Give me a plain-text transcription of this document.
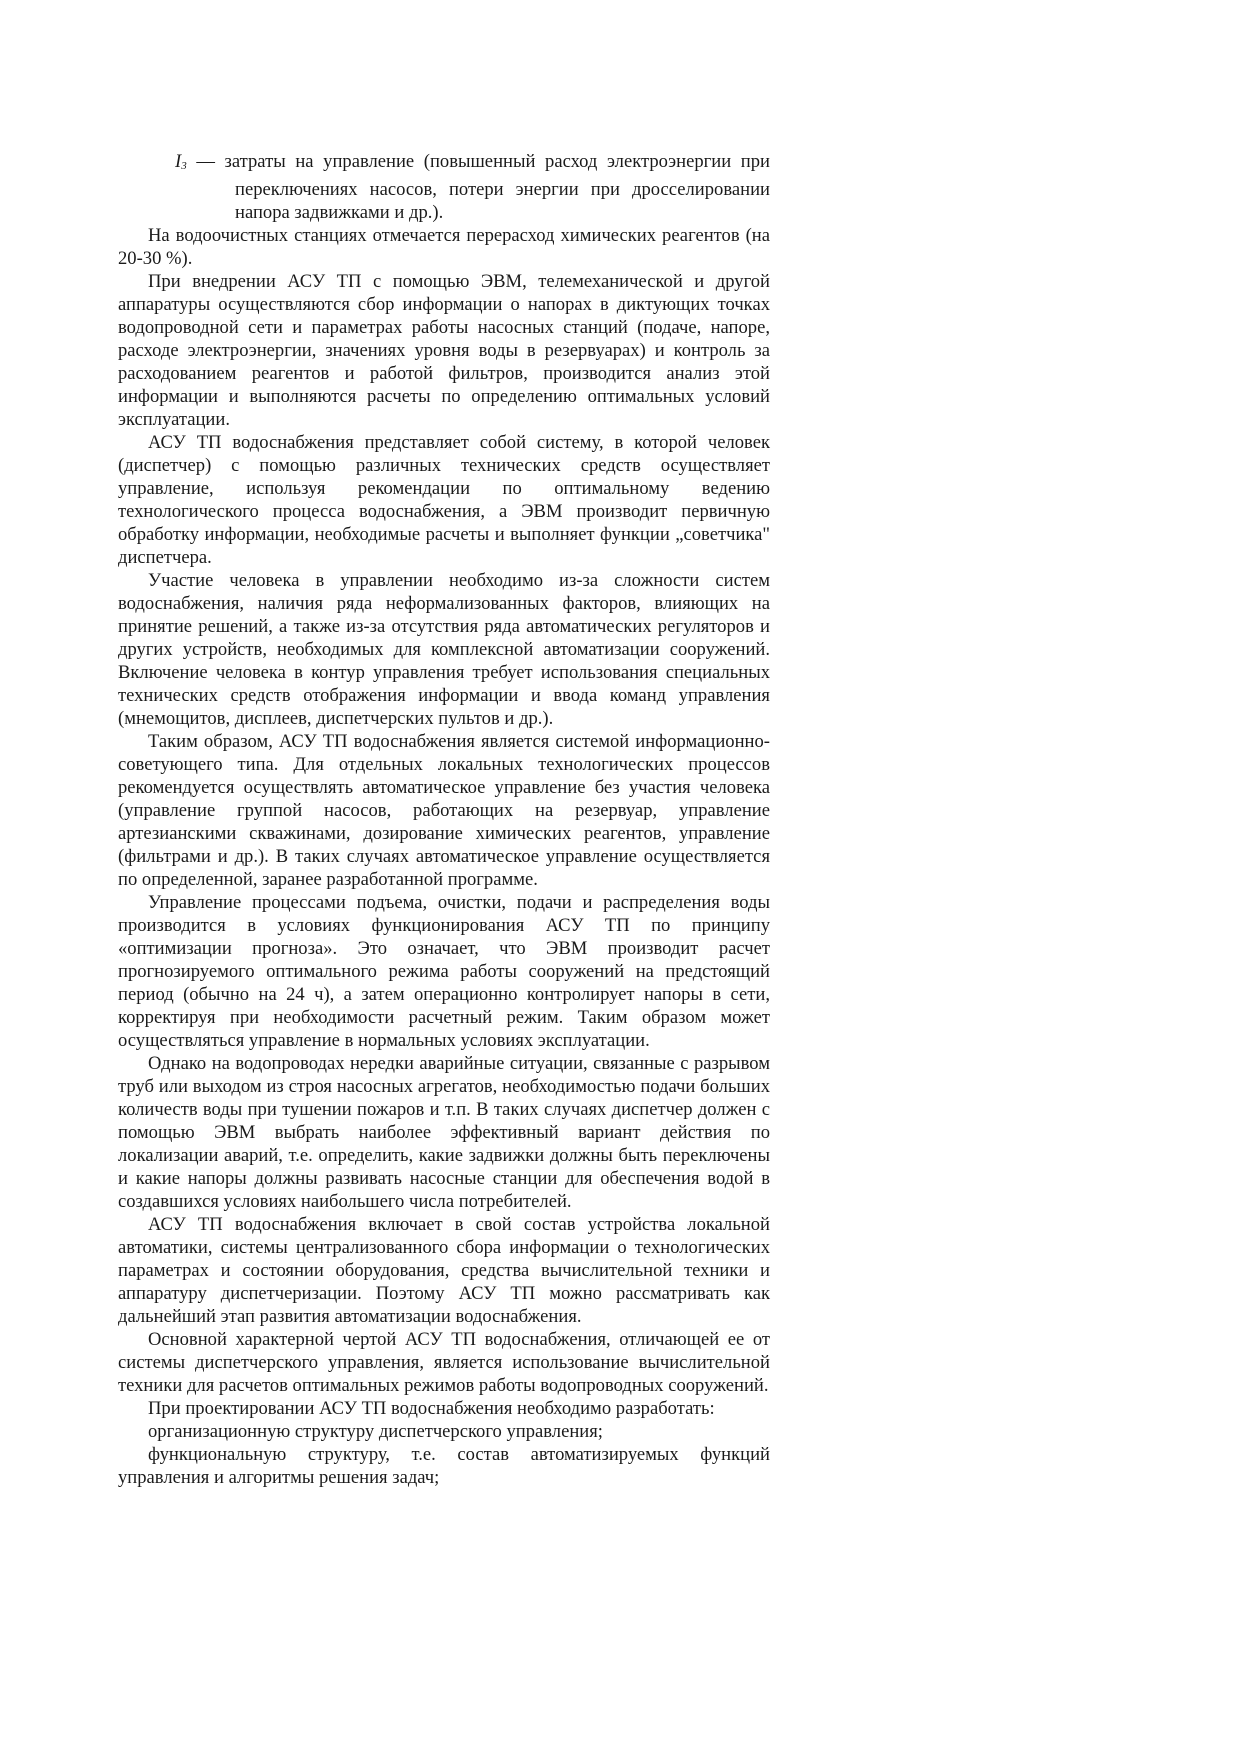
I3 — затраты на управление (повышенный расход электроэнергии при переключениях насосов, потери энергии при дросселировании напора задвижками и др.).

На водоочистных станциях отмечается перерасход химических реагентов (на 20-30 %).

При внедрении АСУ ТП с помощью ЭВМ, телемеханической и другой аппаратуры осуществляются сбор информации о напорах в диктующих точках водопроводной сети и параметрах работы насосных станций (подаче, напоре, расходе электроэнергии, значениях уровня воды в резервуарах) и контроль за расходованием реагентов и работой фильтров, производится анализ этой информации и выполняются расчеты по определению оптимальных условий эксплуатации.

АСУ ТП водоснабжения представляет собой систему, в которой человек (диспетчер) с помощью различных технических средств осуществляет управление, используя рекомендации по оптимальному ведению технологического процесса водоснабжения, а ЭВМ производит первичную обработку информации, необходимые расчеты и выполняет функции „советчика" диспетчера.

Участие человека в управлении необходимо из-за сложности систем водоснабжения, наличия ряда неформализованных факторов, влияющих на принятие решений, а также из-за отсутствия ряда автоматических регуляторов и других устройств, необходимых для комплексной автоматизации сооружений. Включение человека в контур управления требует использования специальных технических средств отображения информации и ввода команд управления (мнемощитов, дисплеев, диспетчерских пультов и др.).

Таким образом, АСУ ТП водоснабжения является системой информационно-советующего типа. Для отдельных локальных технологических процессов рекомендуется осуществлять автоматическое управление без участия человека (управление группой насосов, работающих на резервуар, управление артезианскими скважинами, дозирование химических реагентов, управление (фильтрами и др.). В таких случаях автоматическое управление осуществляется по определенной, заранее разработанной программе.

Управление процессами подъема, очистки, подачи и распределения воды производится в условиях функционирования АСУ ТП по принципу «оптимизации прогноза». Это означает, что ЭВМ производит расчет прогнозируемого оптимального режима работы сооружений на предстоящий период (обычно на 24 ч), а затем операционно контролирует напоры в сети, корректируя при необходимости расчетный режим. Таким образом может осуществляться управление в нормальных условиях эксплуатации.

Однако на водопроводах нередки аварийные ситуации, связанные с разрывом труб или выходом из строя насосных агрегатов, необходимостью подачи больших количеств воды при тушении пожаров и т.п. В таких случаях диспетчер должен с помощью ЭВМ выбрать наиболее эффективный вариант действия по локализации аварий, т.е. определить, какие задвижки должны быть переключены и какие напоры должны развивать насосные станции для обеспечения водой в создавшихся условиях наибольшего числа потребителей.

АСУ ТП водоснабжения включает в свой состав устройства локальной автоматики, системы централизованного сбора информации о технологических параметрах и состоянии оборудования, средства вычислительной техники и аппаратуру диспетчеризации. Поэтому АСУ ТП можно рассматривать как дальнейший этап развития автоматизации водоснабжения.

Основной характерной чертой АСУ ТП водоснабжения, отличающей ее от системы диспетчерского управления, является использование вычислительной техники для расчетов оптимальных режимов работы водопроводных сооружений.

При проектировании АСУ ТП водоснабжения необходимо разработать:

организационную структуру диспетчерского управления;

функциональную структуру, т.е. состав автоматизируемых функций управления и алгоритмы решения задач;
